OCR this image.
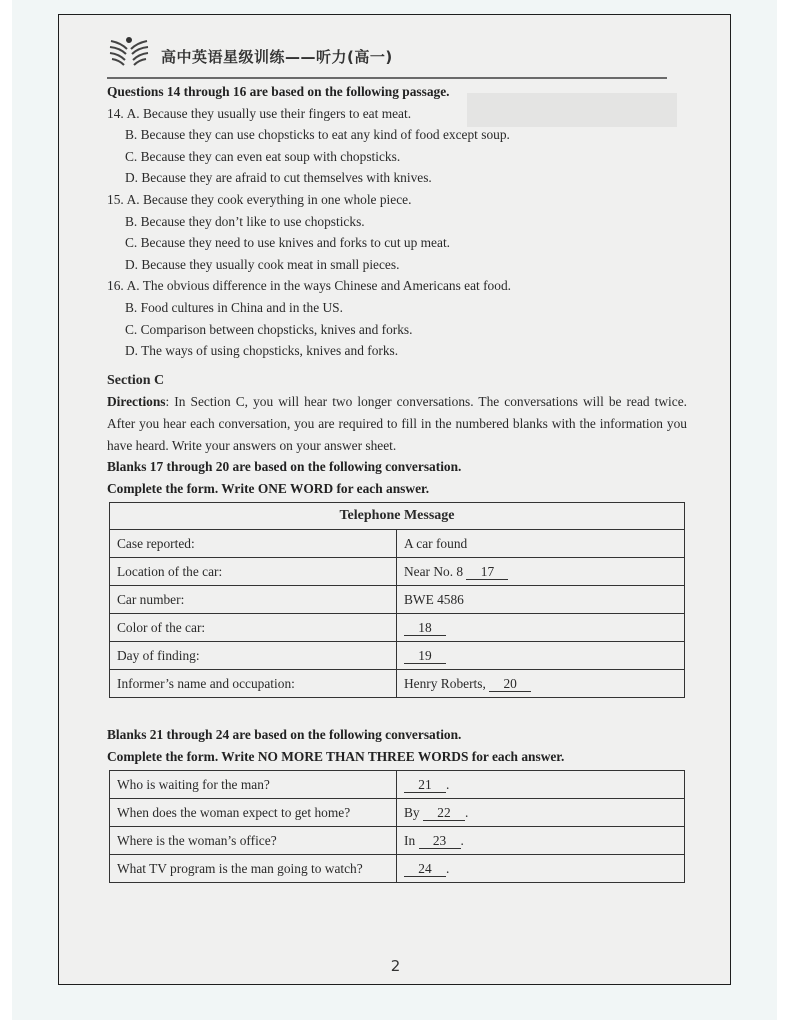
高中英语星级训练——听力(高一)
Questions 14 through 16 are based on the following passage.
14. A. Because they usually use their fingers to eat meat.
B. Because they can use chopsticks to eat any kind of food except soup.
C. Because they can even eat soup with chopsticks.
D. Because they are afraid to cut themselves with knives.
15. A. Because they cook everything in one whole piece.
B. Because they don’t like to use chopsticks.
C. Because they need to use knives and forks to cut up meat.
D. Because they usually cook meat in small pieces.
16. A. The obvious difference in the ways Chinese and Americans eat food.
B. Food cultures in China and in the US.
C. Comparison between chopsticks, knives and forks.
D. The ways of using chopsticks, knives and forks.
Section C
Directions: In Section C, you will hear two longer conversations. The conversations will be read twice. After you hear each conversation, you are required to fill in the numbered blanks with the information you have heard. Write your answers on your answer sheet.
Blanks 17 through 20 are based on the following conversation.
Complete the form. Write ONE WORD for each answer.
Telephone Message	
Case reported:	A car found
Location of the car:	Near No. 8 17
Car number:	BWE 4586
Color of the car:	18
Day of finding:	19
Informer’s name and occupation:	Henry Roberts, 20
Blanks 21 through 24 are based on the following conversation.
Complete the form. Write NO MORE THAN THREE WORDS for each answer.
Who is waiting for the man?	21 .
When does the woman expect to get home?	By 22 .
Where is the woman’s office?	In 23 .
What TV program is the man going to watch?	24 .
2
